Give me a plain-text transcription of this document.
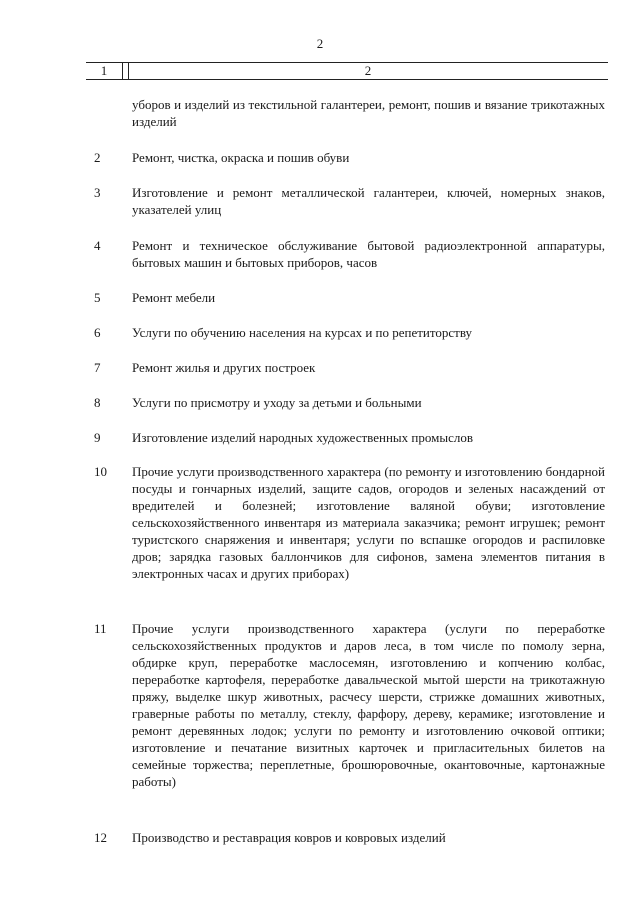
2
1	2
уборов и изделий из текстильной галантереи, ремонт, пошив и вязание трикотажных изделий
2	Ремонт, чистка, окраска и пошив обуви
3	Изготовление и ремонт металлической галантереи, ключей, номерных знаков, указателей улиц
4	Ремонт и техническое обслуживание бытовой радиоэлектронной аппаратуры, бытовых машин и бытовых приборов, часов
5	Ремонт мебели
6	Услуги по обучению населения на курсах и по репетиторству
7	Ремонт жилья и других построек
8	Услуги по присмотру и уходу за детьми и больными
9	Изготовление изделий народных художественных промыслов
10	Прочие услуги производственного характера (по ремонту и изготовлению бондарной посуды и гончарных изделий, защите садов, огородов и зеленых насаждений от вредителей и болезней; изготовление валяной обуви; изготовление сельскохозяйственного инвентаря из материала заказчика; ремонт игрушек; ремонт туристского снаряжения и инвентаря; услуги по вспашке огородов и распиловке дров; зарядка газовых баллончиков для сифонов, замена элементов питания в электронных часах и других приборах)
11	Прочие услуги производственного характера (услуги по переработке сельскохозяйственных продуктов и даров леса, в том числе по помолу зерна, обдирке круп, переработке маслосемян, изготовлению и копчению колбас, переработке картофеля, переработке давальческой мытой шерсти на трикотажную пряжу, выделке шкур животных, расчесу шерсти, стрижке домашних животных, граверные работы по металлу, стеклу, фарфору, дереву, керамике; изготовление и ремонт деревянных лодок; услуги по ремонту и изготовлению очковой оптики; изготовление и печатание визитных карточек и пригласительных билетов на семейные торжества; переплетные, брошюровочные, окантовочные, картонажные работы)
12	Производство и реставрация ковров и ковровых изделий
